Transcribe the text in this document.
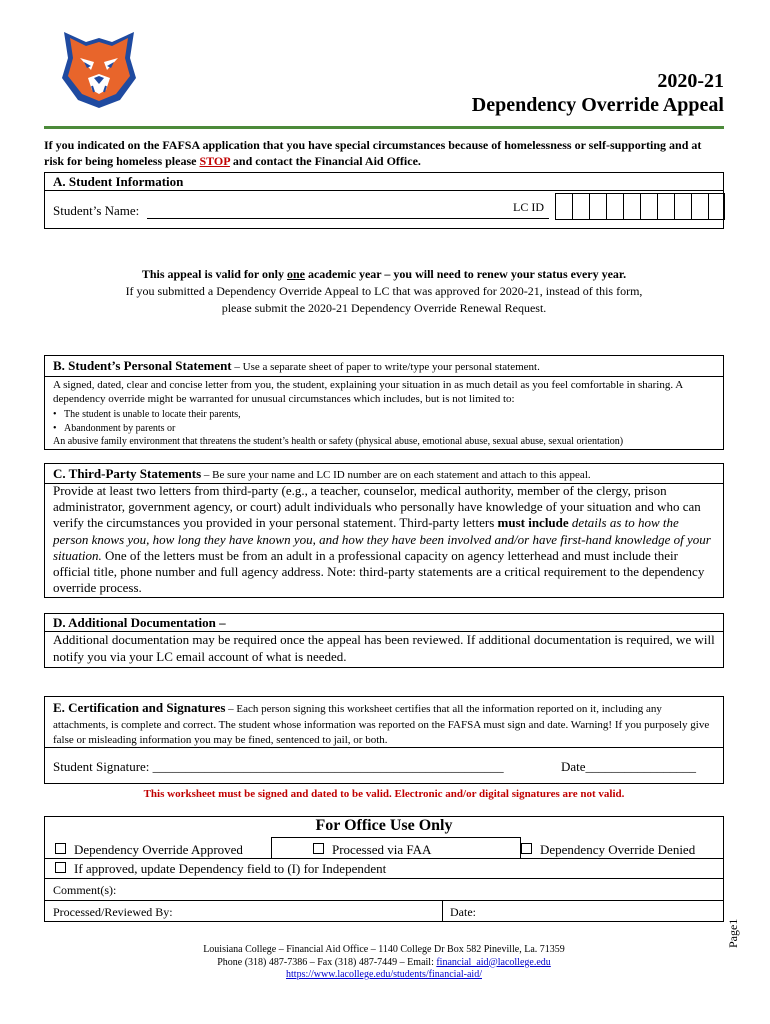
2020-21
Dependency Override Appeal
If you indicated on the FAFSA application that you have special circumstances because of homelessness or self-supporting and at risk for being homeless please STOP and contact the Financial Aid Office.
A. Student Information
Student’s Name:	LC ID
This appeal is valid for only one academic year – you will need to renew your status every year.
If you submitted a Dependency Override Appeal to LC that was approved for 2020-21, instead of this form,
please submit the 2020-21 Dependency Override Renewal Request.
B. Student’s Personal Statement – Use a separate sheet of paper to write/type your personal statement.
A signed, dated, clear and concise letter from you, the student, explaining your situation in as much detail as you feel comfortable in sharing. A dependency override might be warranted for unusual circumstances which includes, but is not limited to:
•   The student is unable to locate their parents,
•   Abandonment by parents or
An abusive family environment that threatens the student’s health or safety (physical abuse, emotional abuse, sexual abuse, sexual orientation)
C. Third-Party Statements – Be sure your name and LC ID number are on each statement and attach to this appeal.
Provide at least two letters from third-party (e.g., a teacher, counselor, medical authority, member of the clergy, prison administrator, government agency, or court) adult individuals who personally have knowledge of your situation and who can verify the circumstances you provided in your personal statement. Third-party letters must include details as to how the person knows you, how long they have known you, and how they have been involved and/or have first-hand knowledge of your situation. One of the letters must be from an adult in a professional capacity on agency letterhead and must include their official title, phone number and full agency address. Note: third-party statements are a critical requirement to the dependency override process.
D. Additional Documentation –
Additional documentation may be required once the appeal has been reviewed. If additional documentation is required, we will notify you via your LC email account of what is needed.
E. Certification and Signatures – Each person signing this worksheet certifies that all the information reported on it, including any attachments, is complete and correct. The student whose information was reported on the FAFSA must sign and date. Warning! If you purposely give false or misleading information you may be fined, sentenced to jail, or both.
Student Signature: ______________________________________________________	Date_________________
This worksheet must be signed and dated to be valid. Electronic and/or digital signatures are not valid.
For Office Use Only
Dependency Override Approved	Processed via FAA	Dependency Override Denied
If approved, update Dependency field to (I) for Independent
Comment(s):
Processed/Reviewed By:	Date:
Louisiana College – Financial Aid Office – 1140 College Dr Box 582 Pineville, La. 71359
Phone (318) 487-7386 – Fax (318) 487-7449 – Email: financial_aid@lacollege.edu
https://www.lacollege.edu/students/financial-aid/
Page1
